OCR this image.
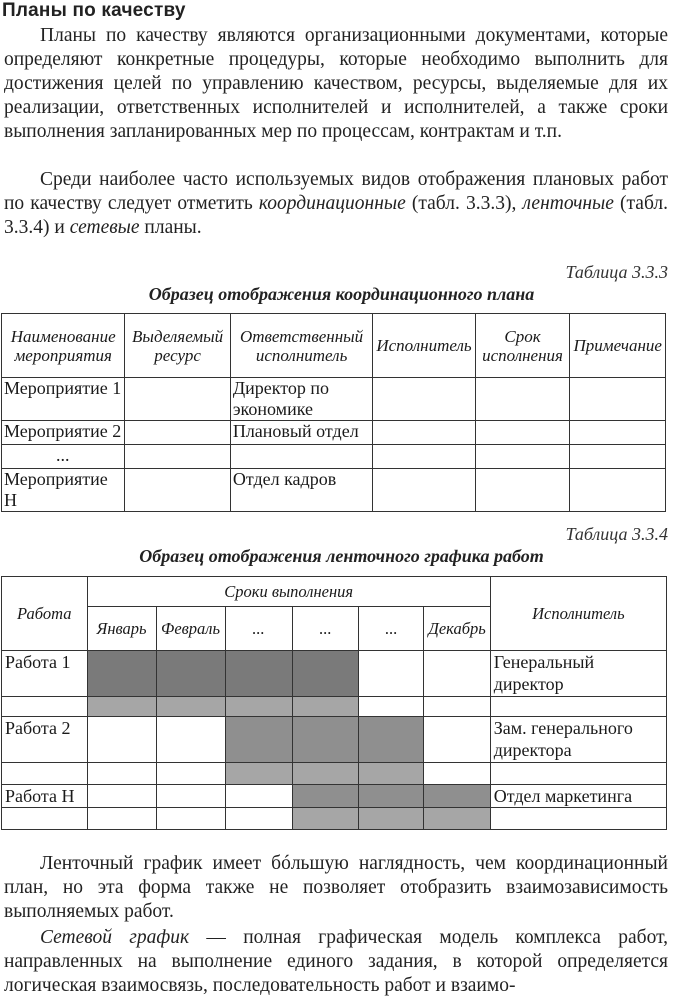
Планы по качеству

Планы по качеству являются организационными документами, которые определяют конкретные процедуры, которые необходимо выполнить для достижения целей по управлению качеством, ресурсы, выделяемые для их реализации, ответственных исполнителей и исполнителей, а также сроки выполнения запланированных мер по процессам, контрактам и т.п.

Среди наиболее часто используемых видов отображения плановых работ по качеству следует отметить координационные (табл. 3.3.3), ленточные (табл. 3.3.4) и сетевые планы.

Таблица 3.3.3
Образец отображения координационного плана
Наименование мероприятия	Выделяемый ресурс	Ответственный исполнитель	Исполнитель	Срок исполнения	Примечание
Мероприятие 1		Директор по экономике			
Мероприятие 2		Плановый отдел			
...					
Мероприятие Н		Отдел кадров			
Таблица 3.3.4
Образец отображения ленточного графика работ
Работа	Сроки выполнения						Исполнитель
	Январь	Февраль	...	...	...	Декабрь	
Работа 1							Генеральный директор

Работа 2							Зам. генерального директора

Работа Н							Отдел маркетинга

Ленточный график имеет бóльшую наглядность, чем координационный план, но эта форма также не позволяет отобразить взаимозависимость выполняемых работ.

Сетевой график — полная графическая модель комплекса работ, направленных на выполнение единого задания, в которой определяется логическая взаимосвязь, последовательность работ и взаимо-
